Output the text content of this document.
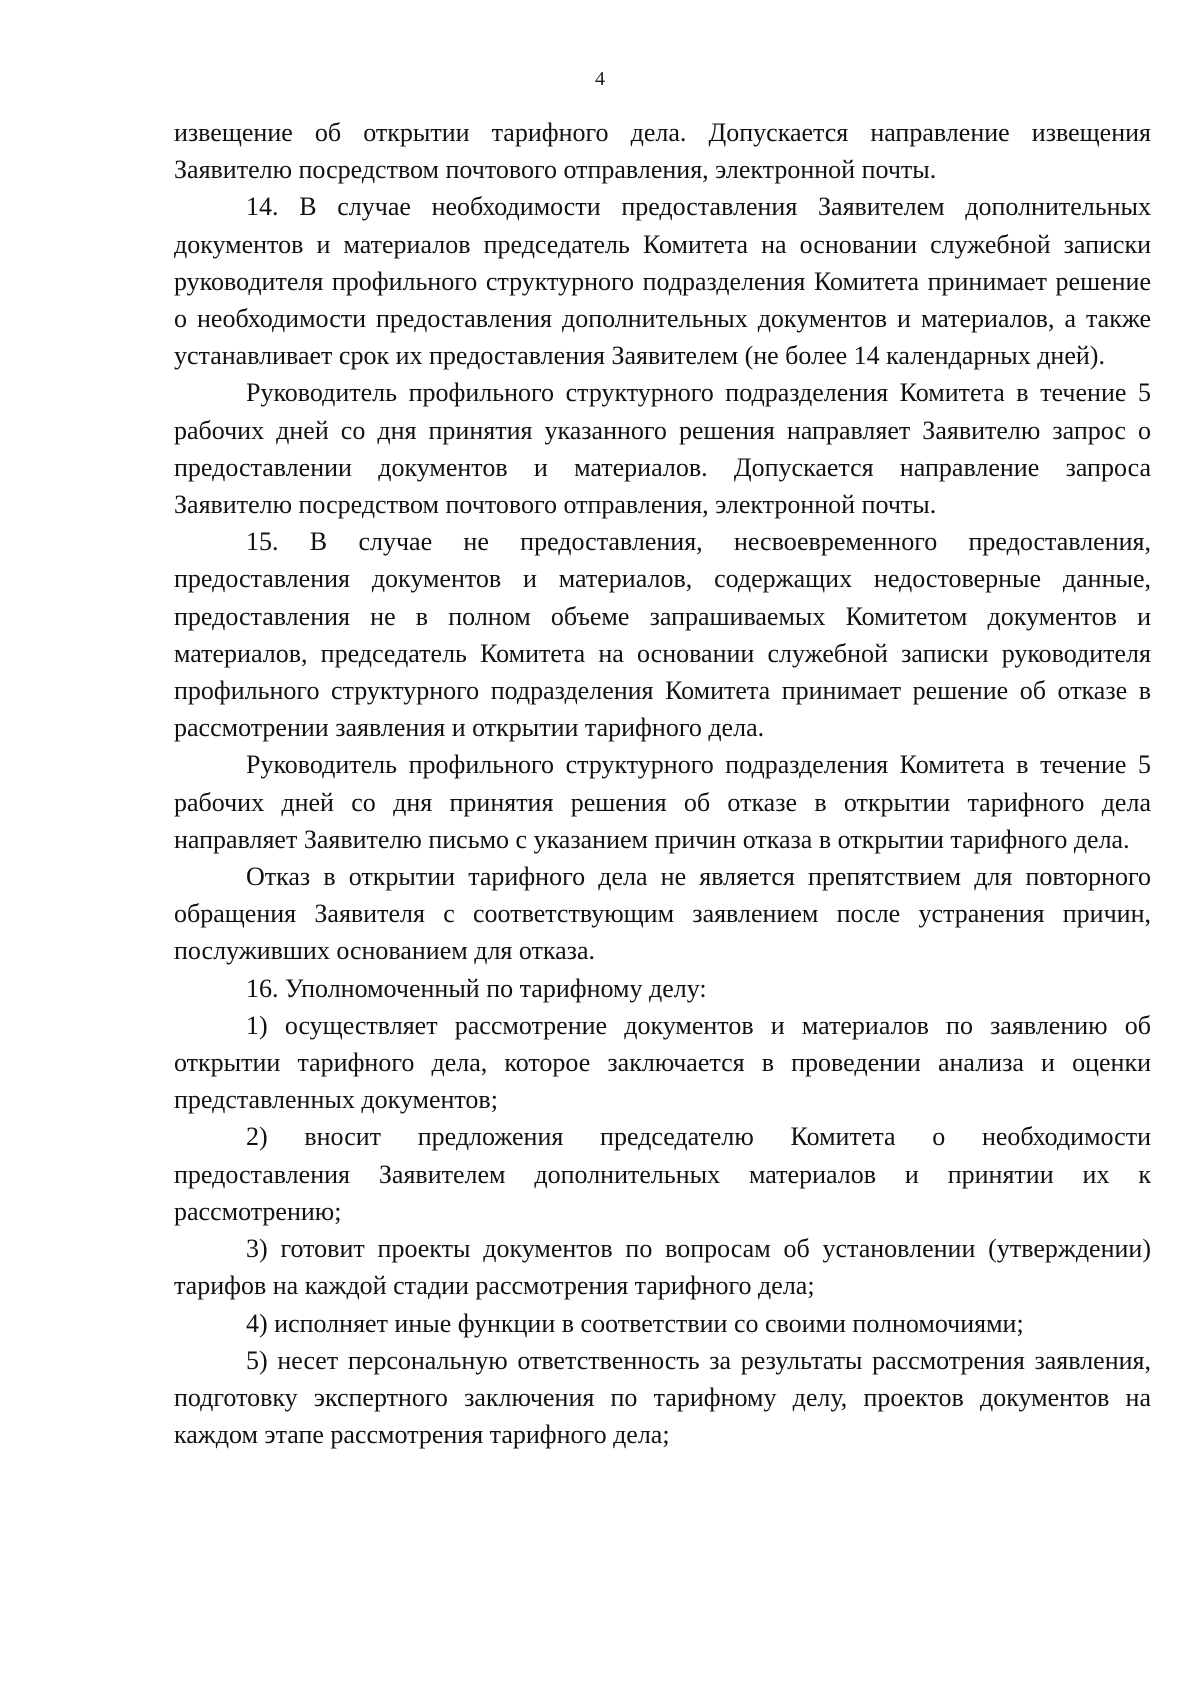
4

извещение об открытии тарифного дела. Допускается направление извещения Заявителю посредством почтового отправления, электронной почты.

14. В случае необходимости предоставления Заявителем дополнительных документов и материалов председатель Комитета на основании служебной записки руководителя профильного структурного подразделения Комитета принимает решение о необходимости предоставления дополнительных документов и материалов, а также устанавливает срок их предоставления Заявителем (не более 14 календарных дней).

Руководитель профильного структурного подразделения Комитета в течение 5 рабочих дней со дня принятия указанного решения направляет Заявителю запрос о предоставлении документов и материалов. Допускается направление запроса Заявителю посредством почтового отправления, электронной почты.

15. В случае не предоставления, несвоевременного предоставления, предоставления документов и материалов, содержащих недостоверные данные, предоставления не в полном объеме запрашиваемых Комитетом документов и материалов, председатель Комитета на основании служебной записки руководителя профильного структурного подразделения Комитета принимает решение об отказе в рассмотрении заявления и открытии тарифного дела.

Руководитель профильного структурного подразделения Комитета в течение 5 рабочих дней со дня принятия решения об отказе в открытии тарифного дела направляет Заявителю письмо с указанием причин отказа в открытии тарифного дела.

Отказ в открытии тарифного дела не является препятствием для повторного обращения Заявителя с соответствующим заявлением после устранения причин, послуживших основанием для отказа.

16. Уполномоченный по тарифному делу:

1) осуществляет рассмотрение документов и материалов по заявлению об открытии тарифного дела, которое заключается в проведении анализа и оценки представленных документов;

2) вносит предложения председателю Комитета о необходимости предоставления Заявителем дополнительных материалов и принятии их к рассмотрению;

3) готовит проекты документов по вопросам об установлении (утверждении) тарифов на каждой стадии рассмотрения тарифного дела;

4) исполняет иные функции в соответствии со своими полномочиями;

5) несет персональную ответственность за результаты рассмотрения заявления, подготовку экспертного заключения по тарифному делу, проектов документов на каждом этапе рассмотрения тарифного дела;
